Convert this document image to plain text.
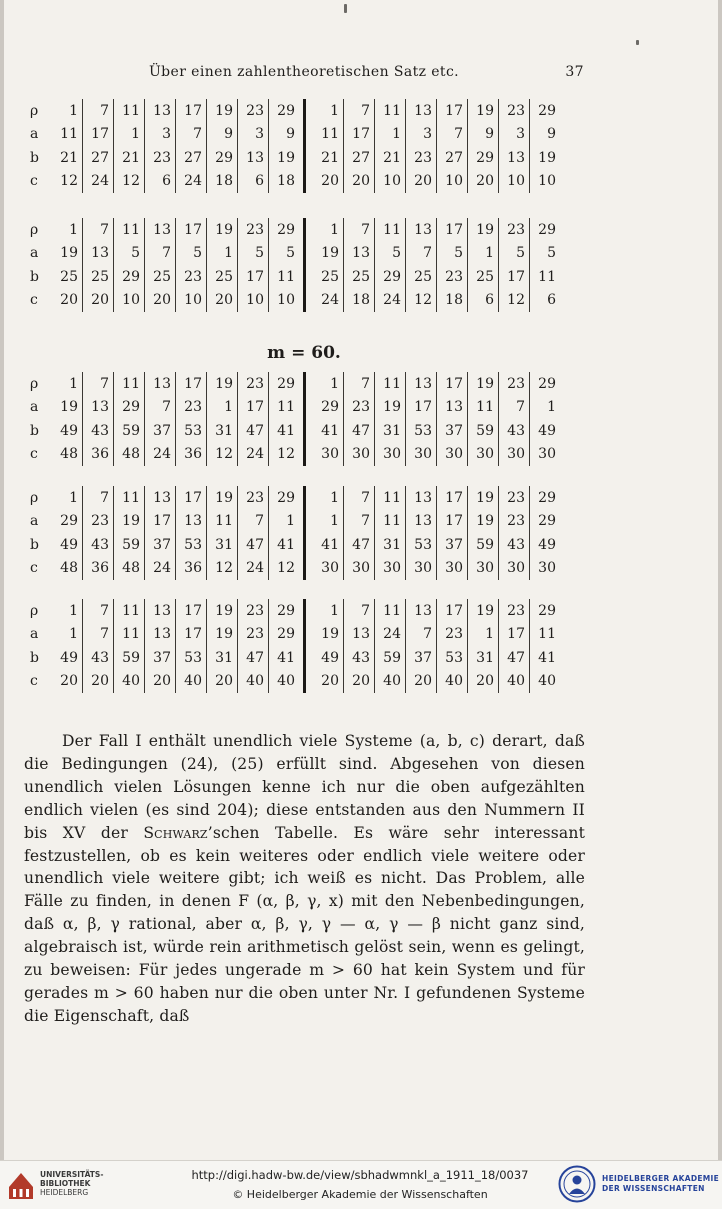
Über einen zahlentheoretischen Satz etc.	37
ρ	1	7	11	13	17	19	23	29		1	7	11	13	17	19	23	29
a	11	17	1	3	7	9	3	9		11	17	1	3	7	9	3	9
b	21	27	21	23	27	29	13	19		21	27	21	23	27	29	13	19
c	12	24	12	6	24	18	6	18		20	20	10	20	10	20	10	10
ρ	1	7	11	13	17	19	23	29		1	7	11	13	17	19	23	29
a	19	13	5	7	5	1	5	5		19	13	5	7	5	1	5	5
b	25	25	29	25	23	25	17	11		25	25	29	25	23	25	17	11
c	20	20	10	20	10	20	10	10		24	18	24	12	18	6	12	6
ρ	1	7	11	13	17	19	23	29		1	7	11	13	17	19	23	29
a	19	13	29	7	23	1	17	11		29	23	19	17	13	11	7	1
b	49	43	59	37	53	31	47	41		41	47	31	53	37	59	43	49
c	48	36	48	24	36	12	24	12		30	30	30	30	30	30	30	30
ρ	1	7	11	13	17	19	23	29		1	7	11	13	17	19	23	29
a	29	23	19	17	13	11	7	1		1	7	11	13	17	19	23	29
b	49	43	59	37	53	31	47	41		41	47	31	53	37	59	43	49
c	48	36	48	24	36	12	24	12		30	30	30	30	30	30	30	30
ρ	1	7	11	13	17	19	23	29		1	7	11	13	17	19	23	29
a	1	7	11	13	17	19	23	29		19	13	24	7	23	1	17	11
b	49	43	59	37	53	31	47	41		49	43	59	37	53	31	47	41
c	20	20	40	20	40	20	40	40		20	20	40	20	40	20	40	40
m = 60.
Der Fall I enthält unendlich viele Systeme (a, b, c) derart, daß die Bedingungen (24), (25) erfüllt sind. Abgesehen von diesen unendlich vielen Lösungen kenne ich nur die oben aufgezählten endlich vielen (es sind 204); diese entstanden aus den Nummern II bis XV der Schwarz’schen Tabelle. Es wäre sehr interessant festzustellen, ob es kein weiteres oder endlich viele weitere oder unendlich viele weitere gibt; ich weiß es nicht. Das Problem, alle Fälle zu finden, in denen F (α, β, γ, x) mit den Nebenbedingungen, daß α, β, γ rational, aber α, β, γ, γ — α, γ — β nicht ganz sind, algebraisch ist, würde rein arithmetisch gelöst sein, wenn es gelingt, zu beweisen: Für jedes ungerade m > 60 hat kein System und für gerades m > 60 haben nur die oben unter Nr. I gefundenen Systeme die Eigenschaft, daß
UNIVERSITÄTS-
BIBLIOTHEK
HEIDELBERG
http://digi.hadw-bw.de/view/sbhadwmnkl_a_1911_18/0037
© Heidelberger Akademie der Wissenschaften
HEIDELBERGER AKADEMIE
DER WISSENSCHAFTEN
